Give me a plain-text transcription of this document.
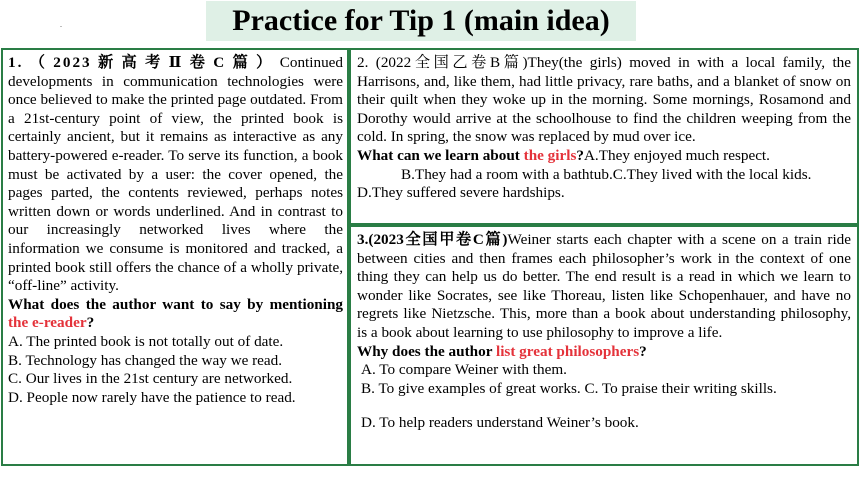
.	Practice for Tip 1 (main idea)

1.（2023新高考Ⅱ卷C篇）Continued developments in communication technologies were once believed to make the printed page outdated. From a 21st-century point of view, the printed book is certainly ancient, but it remains as interactive as any battery-powered e-reader. To serve its function, a book must be activated by a user: the cover opened, the pages parted, the contents reviewed, perhaps notes written down or words underlined. And in contrast to our increasingly networked lives where the information we consume is monitored and tracked, a printed book still offers the chance of a wholly private, “off-line” activity.

What does the author want to say by mentioning the e-reader?

A. The printed book is not totally out of date.

B. Technology has changed the way we read.

C. Our lives in the 21st century are networked.

D. People now rarely have the patience to read.

2. (2022全国乙卷B篇)They(the girls) moved in with a local family, the Harrisons, and, like them, had little privacy, rare baths, and a blanket of snow on their quilt when they woke up in the morning. Some mornings, Rosamond and Dorothy would arrive at the schoolhouse to find the children weeping from the cold. In spring, the snow was replaced by mud over ice.

What can we learn about the girls?A.They enjoyed much respect.

B.They had a room with a bathtub.C.They lived with the local kids.

D.They suffered severe hardships.

3.(2023全国甲卷C篇)Weiner starts each chapter with a scene on a train ride between cities and then frames each philosopher’s work in the context of one thing they can help us do better. The end result is a read in which we learn to wonder like Socrates, see like Thoreau, listen like Schopenhauer, and have no regrets like Nietzsche. This, more than a book about understanding philosophy, is a book about learning to use philosophy to improve a life.

Why does the author list great philosophers?

A. To compare Weiner with them.

B. To give examples of great works. C. To praise their writing skills.

D. To help readers understand Weiner’s book.
